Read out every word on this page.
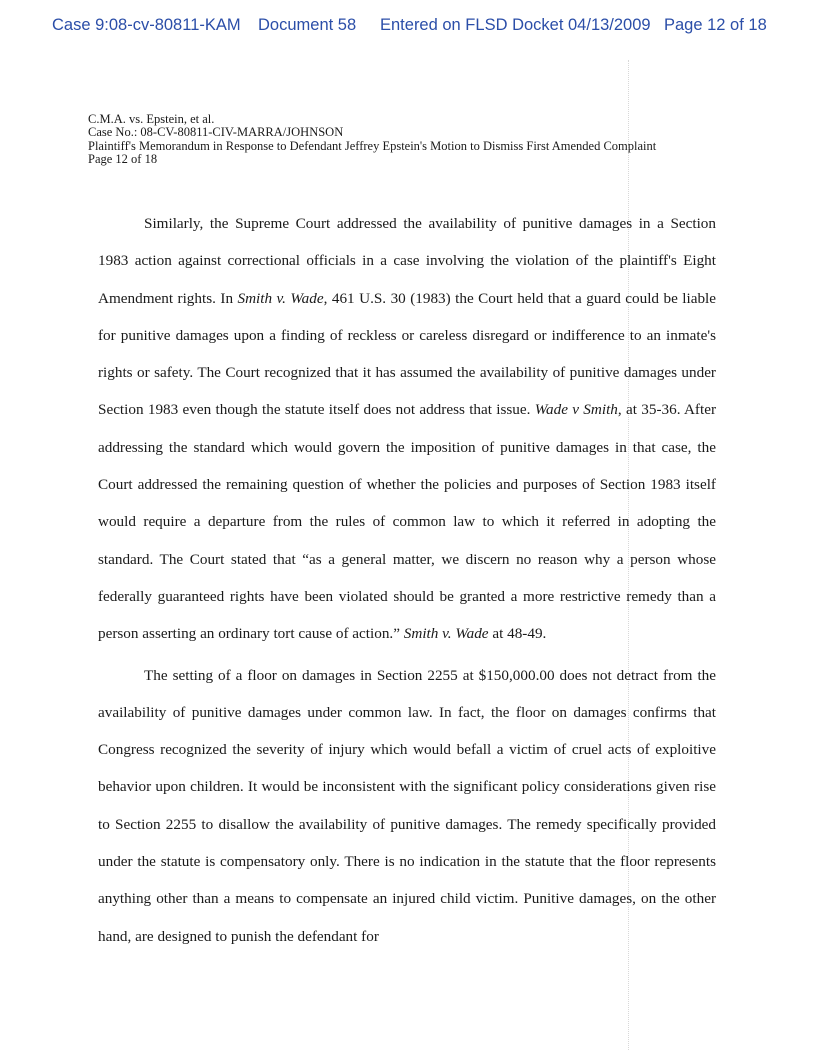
Case 9:08-cv-80811-KAM Document 58 Entered on FLSD Docket 04/13/2009 Page 12 of 18
C.M.A. vs. Epstein, et al.
Case No.: 08-CV-80811-CIV-MARRA/JOHNSON
Plaintiff's Memorandum in Response to Defendant Jeffrey Epstein's Motion to Dismiss First Amended Complaint
Page 12 of 18

Similarly, the Supreme Court addressed the availability of punitive damages in a Section 1983 action against correctional officials in a case involving the violation of the plaintiff's Eight Amendment rights. In Smith v. Wade, 461 U.S. 30 (1983) the Court held that a guard could be liable for punitive damages upon a finding of reckless or careless disregard or indifference to an inmate's rights or safety. The Court recognized that it has assumed the availability of punitive damages under Section 1983 even though the statute itself does not address that issue. Wade v Smith, at 35-36. After addressing the standard which would govern the imposition of punitive damages in that case, the Court addressed the remaining question of whether the policies and purposes of Section 1983 itself would require a departure from the rules of common law to which it referred in adopting the standard. The Court stated that “as a general matter, we discern no reason why a person whose federally guaranteed rights have been violated should be granted a more restrictive remedy than a person asserting an ordinary tort cause of action.” Smith v. Wade at 48-49.

The setting of a floor on damages in Section 2255 at $150,000.00 does not detract from the availability of punitive damages under common law. In fact, the floor on damages confirms that Congress recognized the severity of injury which would befall a victim of cruel acts of exploitive behavior upon children. It would be inconsistent with the significant policy considerations given rise to Section 2255 to disallow the availability of punitive damages. The remedy specifically provided under the statute is compensatory only. There is no indication in the statute that the floor represents anything other than a means to compensate an injured child victim. Punitive damages, on the other hand, are designed to punish the defendant for
